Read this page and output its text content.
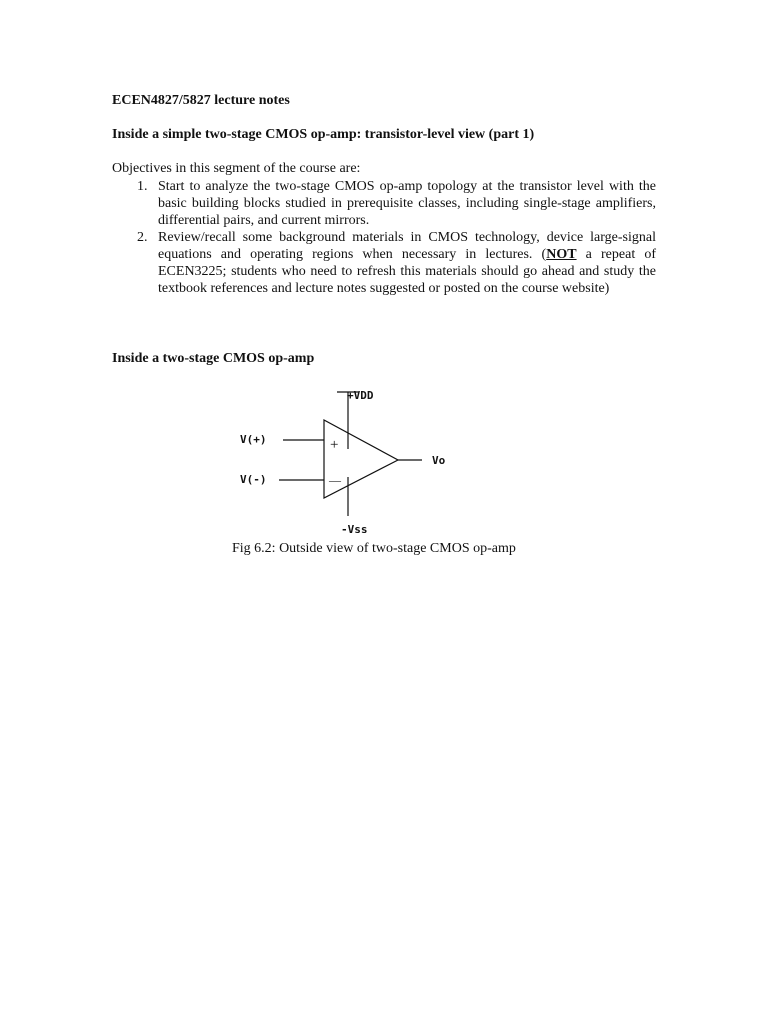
ECEN4827/5827 lecture notes
Inside a simple two-stage CMOS op-amp: transistor-level view (part 1)
Objectives in this segment of the course are:
1. Start to analyze the two-stage CMOS op-amp topology at the transistor level with the basic building blocks studied in prerequisite classes, including single-stage amplifiers, differential pairs, and current mirrors.
2. Review/recall some background materials in CMOS technology, device large-signal equations and operating regions when necessary in lectures. (NOT a repeat of ECEN3225; students who need to refresh this materials should go ahead and study the textbook references and lecture notes suggested or posted on the course website)
Inside a two-stage CMOS op-amp
+VDD
V(+)
V(-)
Vo
-Vss
+
—
Fig 6.2: Outside view of two-stage CMOS op-amp
